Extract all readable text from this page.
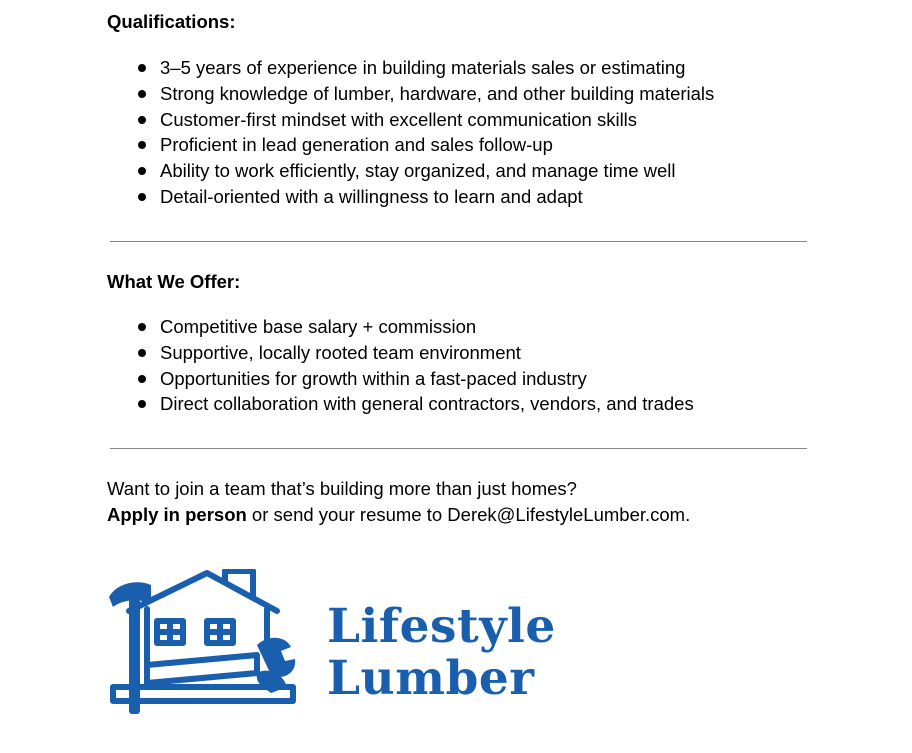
Qualifications:
3–5 years of experience in building materials sales or estimating
Strong knowledge of lumber, hardware, and other building materials
Customer-first mindset with excellent communication skills
Proficient in lead generation and sales follow-up
Ability to work efficiently, stay organized, and manage time well
Detail-oriented with a willingness to learn and adapt
What We Offer:
Competitive base salary + commission
Supportive, locally rooted team environment
Opportunities for growth within a fast-paced industry
Direct collaboration with general contractors, vendors, and trades
Want to join a team that’s building more than just homes?
Apply in person or send your resume to Derek@LifestyleLumber.com.
Lifestyle
Lumber
